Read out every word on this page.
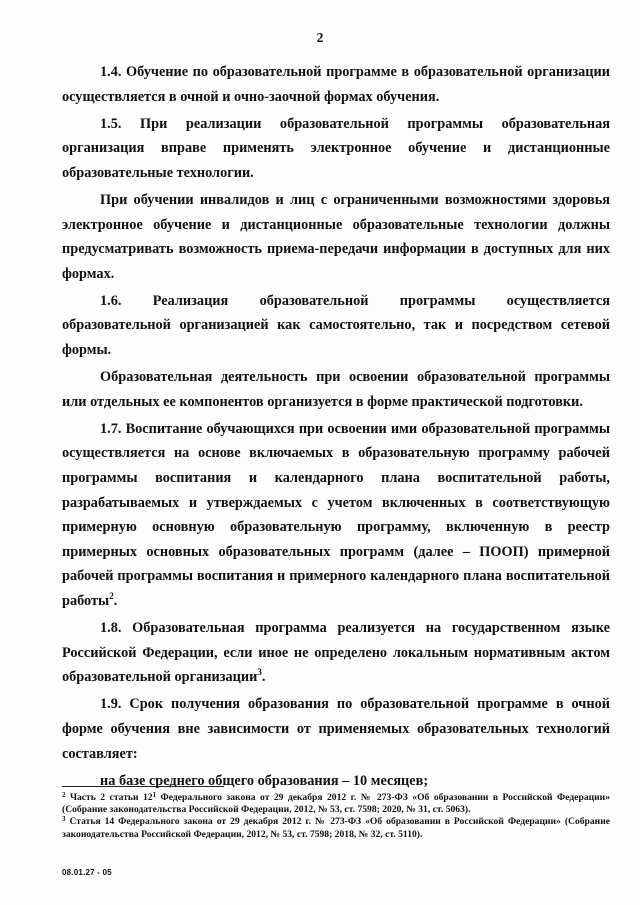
2

1.4. Обучение по образовательной программе в образовательной организации осуществляется в очной и очно-заочной формах обучения.

1.5. При реализации образовательной программы образовательная организация вправе применять электронное обучение и дистанционные образовательные технологии.

При обучении инвалидов и лиц с ограниченными возможностями здоровья электронное обучение и дистанционные образовательные технологии должны предусматривать возможность приема-передачи информации в доступных для них формах.

1.6. Реализация образовательной программы осуществляется образовательной организацией как самостоятельно, так и посредством сетевой формы.

Образовательная деятельность при освоении образовательной программы или отдельных ее компонентов организуется в форме практической подготовки.

1.7. Воспитание обучающихся при освоении ими образовательной программы осуществляется на основе включаемых в образовательную программу рабочей программы воспитания и календарного плана воспитательной работы, разрабатываемых и утверждаемых с учетом включенных в соответствующую примерную основную образовательную программу, включенную в реестр примерных основных образовательных программ (далее – ПООП) примерной рабочей программы воспитания и примерного календарного плана воспитательной работы$^2$.

1.8. Образовательная программа реализуется на государственном языке Российской Федерации, если иное не определено локальным нормативным актом образовательной организации$^3$.

1.9. Срок получения образования по образовательной программе в очной форме обучения вне зависимости от применяемых образовательных технологий составляет:

на базе среднего общего образования – 10 месяцев;

$^2$ Часть 2 статьи $12^1$ Федерального закона от 29 декабря 2012 г. № 273-ФЗ «Об образовании в Российской Федерации» (Собрание законодательства Российской Федерации, 2012, № 53, ст. 7598; 2020, № 31, ст. 5063).

$^3$ Статья 14 Федерального закона от 29 декабря 2012 г. № 273-ФЗ «Об образовании в Российской Федерации» (Собрание законодательства Российской Федерации, 2012, № 53, ст. 7598; 2018, № 32, ст. 5110).

08.01.27 - 05
